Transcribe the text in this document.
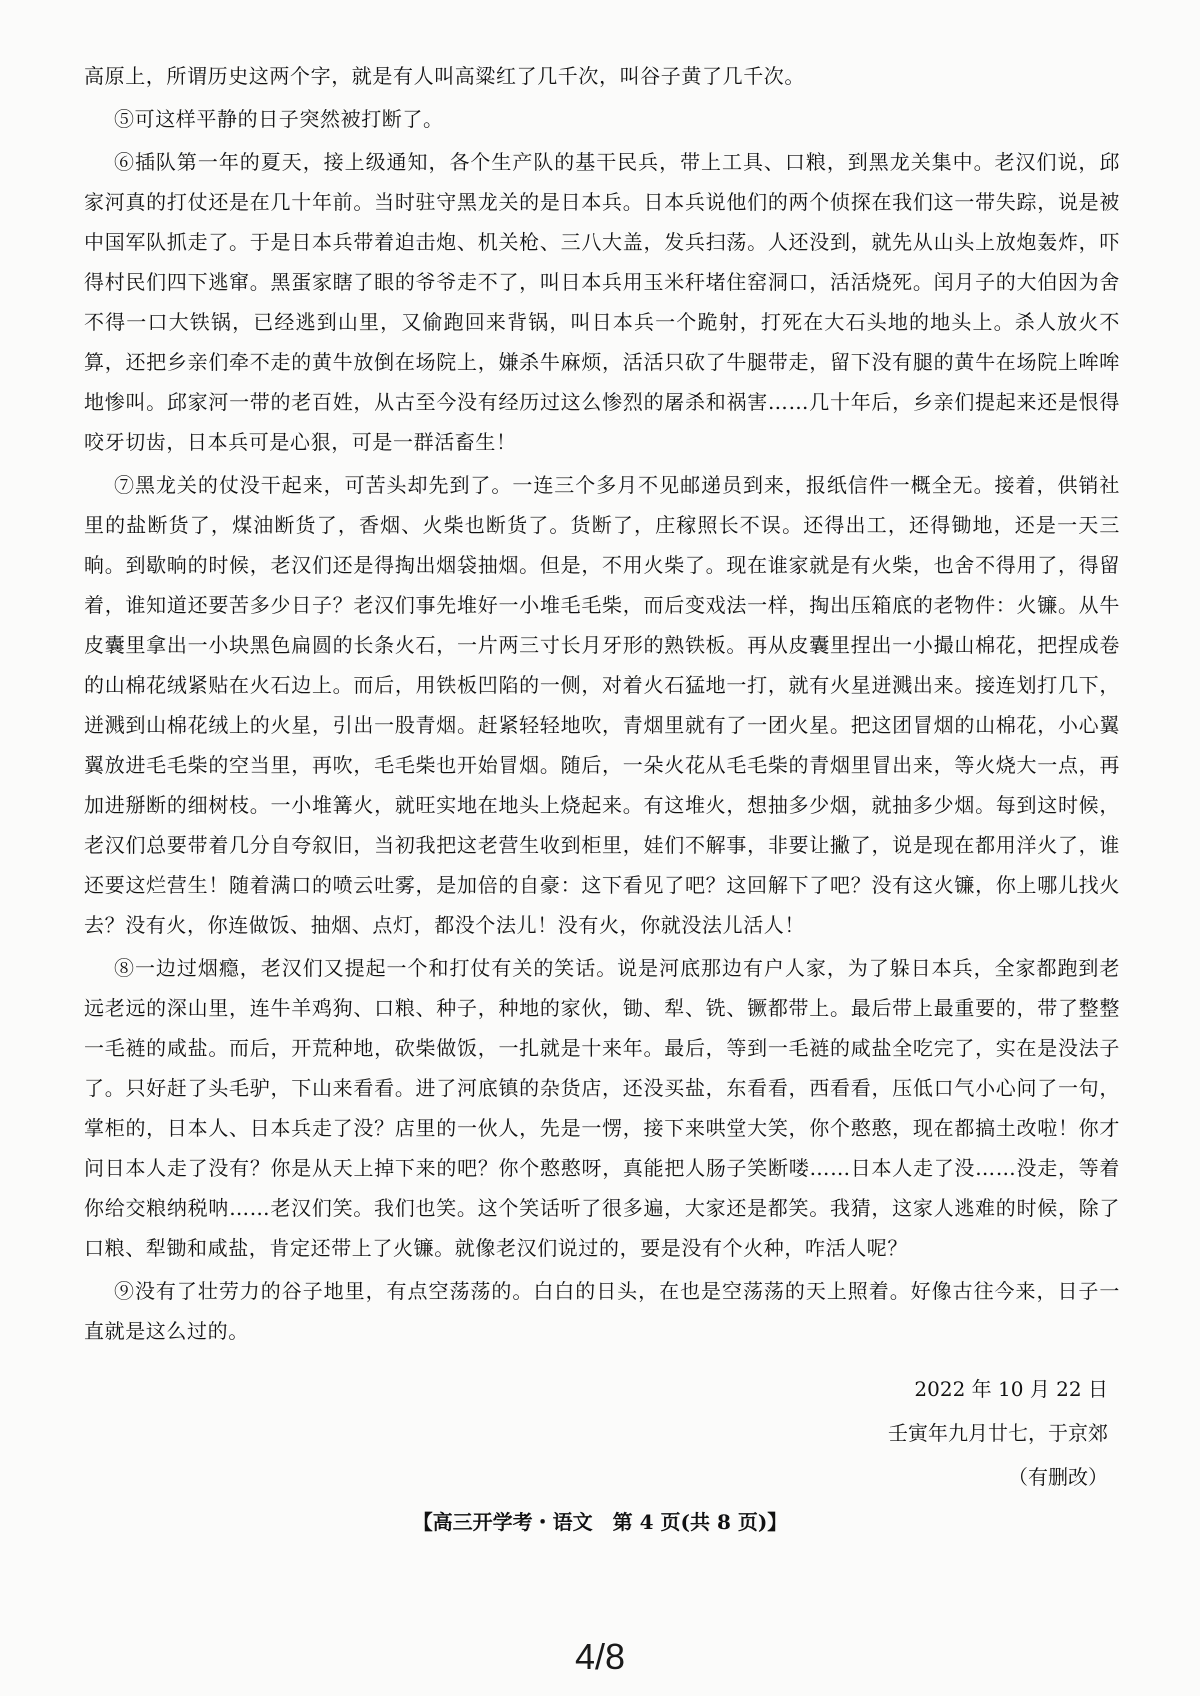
高原上，所谓历史这两个字，就是有人叫高粱红了几千次，叫谷子黄了几千次。

⑤可这样平静的日子突然被打断了。

⑥插队第一年的夏天，接上级通知，各个生产队的基干民兵，带上工具、口粮，到黑龙关集中。老汉们说，邱家河真的打仗还是在几十年前。当时驻守黑龙关的是日本兵。日本兵说他们的两个侦探在我们这一带失踪，说是被中国军队抓走了。于是日本兵带着迫击炮、机关枪、三八大盖，发兵扫荡。人还没到，就先从山头上放炮轰炸，吓得村民们四下逃窜。黑蛋家瞎了眼的爷爷走不了，叫日本兵用玉米秆堵住窑洞口，活活烧死。闰月子的大伯因为舍不得一口大铁锅，已经逃到山里，又偷跑回来背锅，叫日本兵一个跪射，打死在大石头地的地头上。杀人放火不算，还把乡亲们牵不走的黄牛放倒在场院上，嫌杀牛麻烦，活活只砍了牛腿带走，留下没有腿的黄牛在场院上哞哞地惨叫。邱家河一带的老百姓，从古至今没有经历过这么惨烈的屠杀和祸害……几十年后，乡亲们提起来还是恨得咬牙切齿，日本兵可是心狠，可是一群活畜生！

⑦黑龙关的仗没干起来，可苦头却先到了。一连三个多月不见邮递员到来，报纸信件一概全无。接着，供销社里的盐断货了，煤油断货了，香烟、火柴也断货了。货断了，庄稼照长不误。还得出工，还得锄地，还是一天三晌。到歇晌的时候，老汉们还是得掏出烟袋抽烟。但是，不用火柴了。现在谁家就是有火柴，也舍不得用了，得留着，谁知道还要苦多少日子？老汉们事先堆好一小堆毛毛柴，而后变戏法一样，掏出压箱底的老物件：火镰。从牛皮囊里拿出一小块黑色扁圆的长条火石，一片两三寸长月牙形的熟铁板。再从皮囊里捏出一小撮山棉花，把捏成卷的山棉花绒紧贴在火石边上。而后，用铁板凹陷的一侧，对着火石猛地一打，就有火星迸溅出来。接连划打几下，迸溅到山棉花绒上的火星，引出一股青烟。赶紧轻轻地吹，青烟里就有了一团火星。把这团冒烟的山棉花，小心翼翼放进毛毛柴的空当里，再吹，毛毛柴也开始冒烟。随后，一朵火花从毛毛柴的青烟里冒出来，等火烧大一点，再加进掰断的细树枝。一小堆篝火，就旺实地在地头上烧起来。有这堆火，想抽多少烟，就抽多少烟。每到这时候，老汉们总要带着几分自夸叙旧，当初我把这老营生收到柜里，娃们不解事，非要让撇了，说是现在都用洋火了，谁还要这烂营生！随着满口的喷云吐雾，是加倍的自豪：这下看见了吧？这回解下了吧？没有这火镰，你上哪儿找火去？没有火，你连做饭、抽烟、点灯，都没个法儿！没有火，你就没法儿活人！

⑧一边过烟瘾，老汉们又提起一个和打仗有关的笑话。说是河底那边有户人家，为了躲日本兵，全家都跑到老远老远的深山里，连牛羊鸡狗、口粮、种子，种地的家伙，锄、犁、铣、镢都带上。最后带上最重要的，带了整整一毛裢的咸盐。而后，开荒种地，砍柴做饭，一扎就是十来年。最后，等到一毛裢的咸盐全吃完了，实在是没法子了。只好赶了头毛驴，下山来看看。进了河底镇的杂货店，还没买盐，东看看，西看看，压低口气小心问了一句，掌柜的，日本人、日本兵走了没？店里的一伙人，先是一愣，接下来哄堂大笑，你个憨憨，现在都搞土改啦！你才问日本人走了没有？你是从天上掉下来的吧？你个憨憨呀，真能把人肠子笑断喽……日本人走了没……没走，等着你给交粮纳税呐……老汉们笑。我们也笑。这个笑话听了很多遍，大家还是都笑。我猜，这家人逃难的时候，除了口粮、犁锄和咸盐，肯定还带上了火镰。就像老汉们说过的，要是没有个火种，咋活人呢？

⑨没有了壮劳力的谷子地里，有点空荡荡的。白白的日头，在也是空荡荡的天上照着。好像古往今来，日子一直就是这么过的。

2022 年 10 月 22 日
壬寅年九月廿七，于京郊
（有删改）
【高三开学考・语文　第 4 页(共 8 页)】
4/8
